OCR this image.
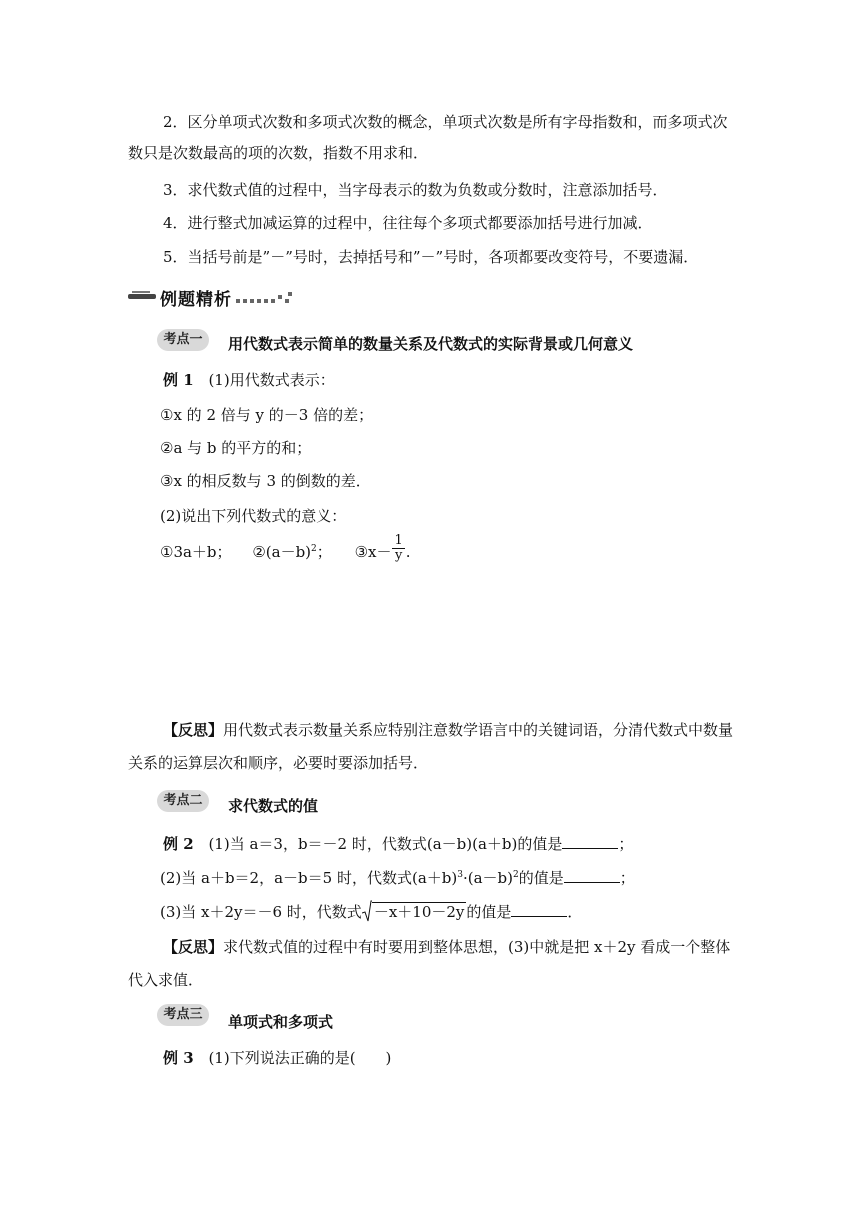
2．区分单项式次数和多项式次数的概念，单项式次数是所有字母指数和，而多项式次
数只是次数最高的项的次数，指数不用求和．
3．求代数式值的过程中，当字母表示的数为负数或分数时，注意添加括号．
4．进行整式加减运算的过程中，往往每个多项式都要添加括号进行加减．
5．当括号前是”－”号时，去掉括号和”－”号时，各项都要改变符号，不要遗漏．
例题精析
考点一	用代数式表示简单的数量关系及代数式的实际背景或几何意义
例 1 (1)用代数式表示：
①x 的 2 倍与 y 的－3 倍的差；
②a 与 b 的平方的和；
③x 的相反数与 3 的倒数的差．
(2)说出下列代数式的意义：
①3a＋b； $②(a-b)^2$； ③x－ $\frac{1}{y}$ .
【反思】用代数式表示数量关系应特别注意数学语言中的关键词语，分清代数式中数量
关系的运算层次和顺序，必要时要添加括号．
考点二	求代数式的值
例 2 (1)当 a＝3，b＝－2 时，代数式(a－b)(a＋b)的值是	；
(2)当 a＋b＝2，a－b＝5 时，代数式$(a+b)^3\cdot(a-b)^2$的值是	；
(3)当 x＋2y＝－6 时，代数式 －x＋10－2y 的值是	．
【反思】求代数式值的过程中有时要用到整体思想，(3)中就是把 x＋2y 看成一个整体
代入求值．
考点三	单项式和多项式
例 3 (1)下列说法正确的是(　　)
